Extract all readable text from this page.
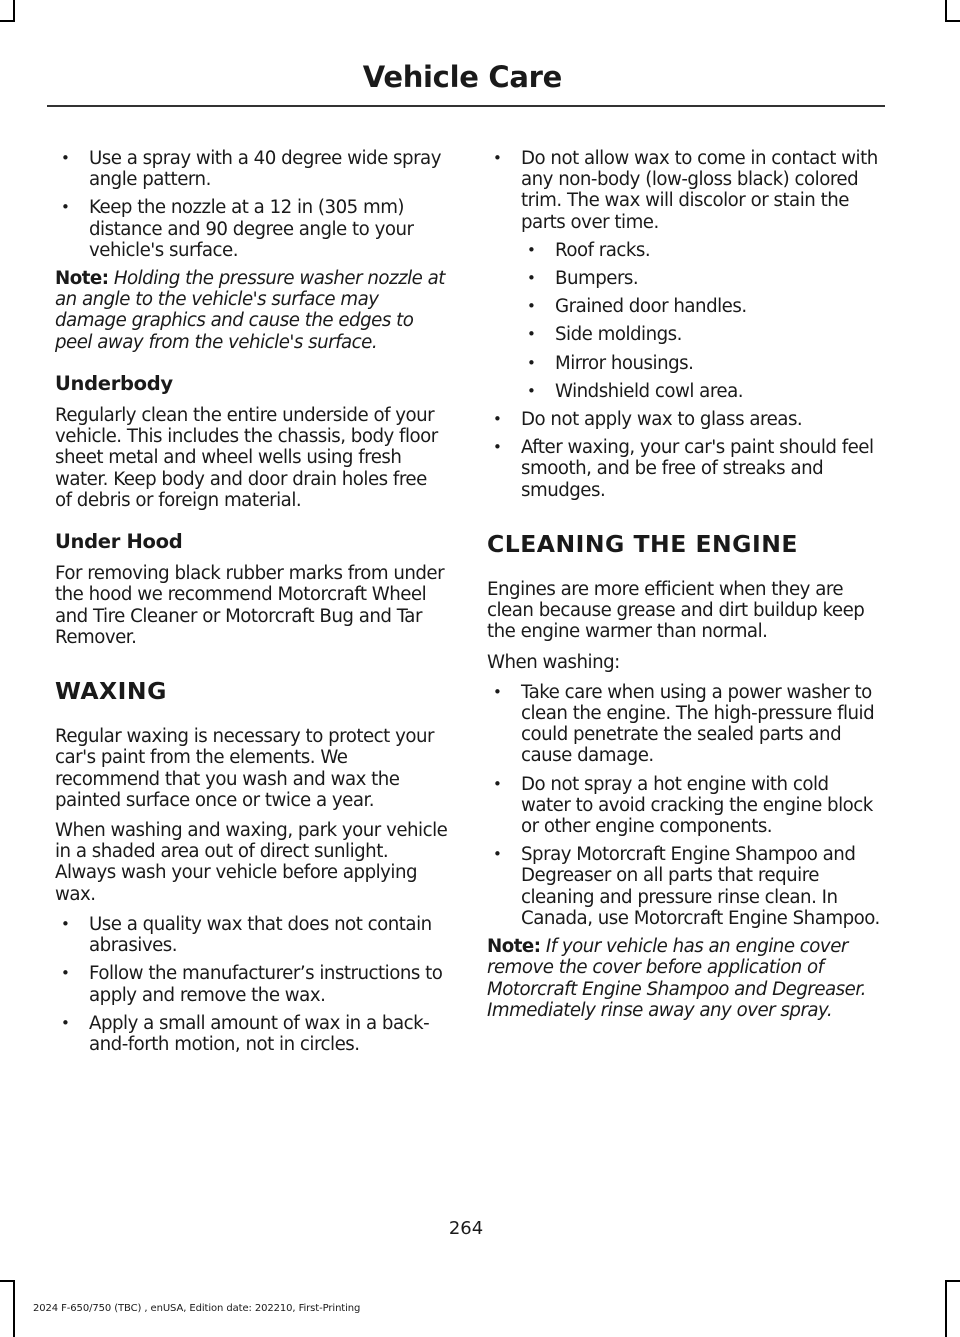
Vehicle Care
• Use a spray with a 40 degree wide spray angle pattern.
• Keep the nozzle at a 12 in (305 mm) distance and 90 degree angle to your vehicle's surface.

Note: Holding the pressure washer nozzle at an angle to the vehicle's surface may damage graphics and cause the edges to peel away from the vehicle's surface.

Underbody

Regularly clean the entire underside of your vehicle. This includes the chassis, body floor sheet metal and wheel wells using fresh water. Keep body and door drain holes free of debris or foreign material.

Under Hood

For removing black rubber marks from under the hood we recommend Motorcraft Wheel and Tire Cleaner or Motorcraft Bug and Tar Remover.

WAXING

Regular waxing is necessary to protect your car's paint from the elements. We recommend that you wash and wax the painted surface once or twice a year.

When washing and waxing, park your vehicle in a shaded area out of direct sunlight. Always wash your vehicle before applying wax.

• Use a quality wax that does not contain abrasives.
• Follow the manufacturer’s instructions to apply and remove the wax.
• Apply a small amount of wax in a back-and-forth motion, not in circles.
• Do not allow wax to come in contact with any non-body (low-gloss black) colored trim. The wax will discolor or stain the parts over time.
• Roof racks.
• Bumpers.
• Grained door handles.
• Side moldings.
• Mirror housings.
• Windshield cowl area.
• Do not apply wax to glass areas.
• After waxing, your car's paint should feel smooth, and be free of streaks and smudges.
CLEANING THE ENGINE

Engines are more efficient when they are clean because grease and dirt buildup keep the engine warmer than normal.

When washing:

• Take care when using a power washer to clean the engine. The high-pressure fluid could penetrate the sealed parts and cause damage.
• Do not spray a hot engine with cold water to avoid cracking the engine block or other engine components.
• Spray Motorcraft Engine Shampoo and Degreaser on all parts that require cleaning and pressure rinse clean. In Canada, use Motorcraft Engine Shampoo.

Note: If your vehicle has an engine cover remove the cover before application of Motorcraft Engine Shampoo and Degreaser. Immediately rinse away any over spray.

264
2024 F-650/750 (TBC) , enUSA, Edition date: 202210, First-Printing
